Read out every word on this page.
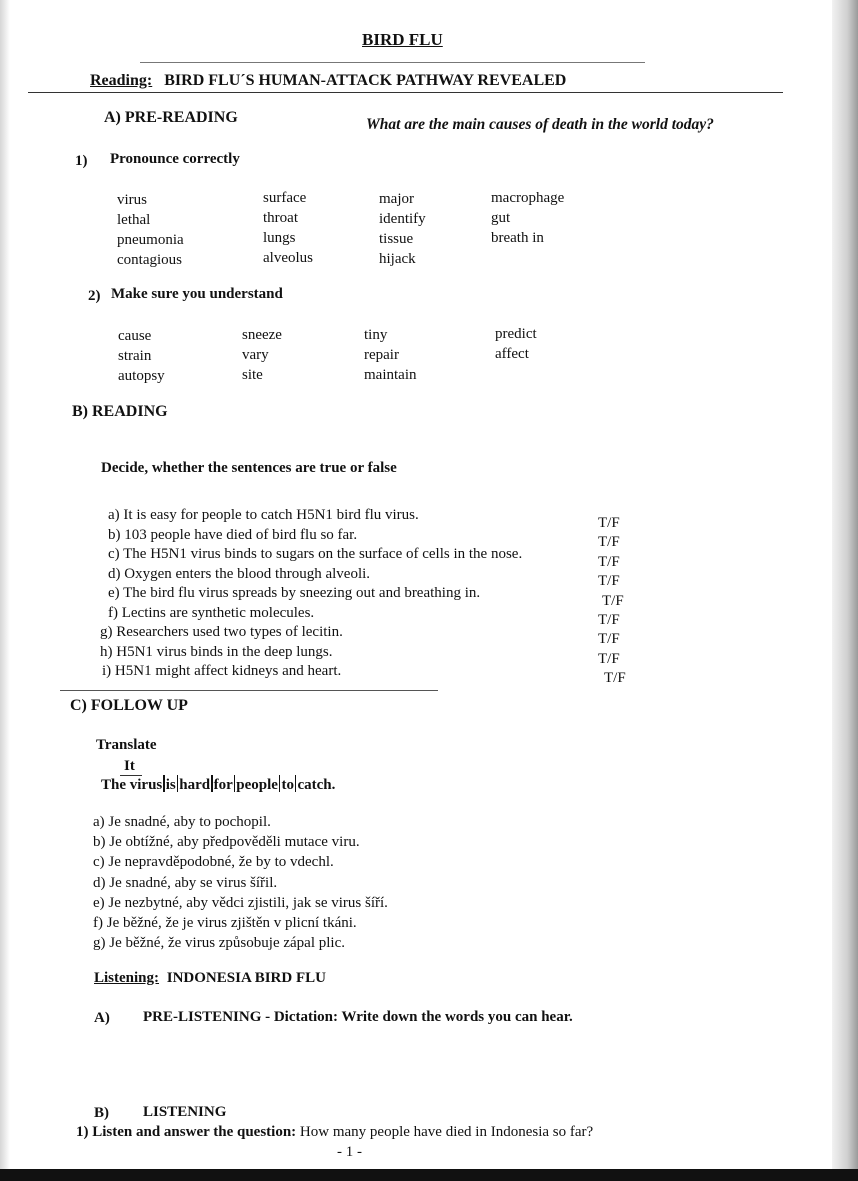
BIRD FLU
Reading: BIRD FLU´S HUMAN-ATTACK PATHWAY REVEALED
A) PRE-READING	What are the main causes of death in the world today?
1) Pronounce correctly
virus
lethal
pneumonia
contagious
surface
throat
lungs
alveolus
major
identify
tissue
hijack
macrophage
gut
breath in
2) Make sure you understand
cause
strain
autopsy
sneeze
vary
site
tiny
repair
maintain
predict
affect
B) READING
Decide, whether the sentences are true or false
a) It is easy for people to catch H5N1 bird flu virus.
b) 103 people have died of bird flu so far.
c) The H5N1 virus binds to sugars on the surface of cells in the nose.
d) Oxygen enters the blood through alveoli.
e) The bird flu virus spreads by sneezing out and breathing in.
f) Lectins are synthetic molecules.
g) Researchers used two types of lecitin.
h) H5N1 virus binds in the deep lungs.
i) H5N1 might affect kidneys and heart.
T/F
T/F
T/F
T/F
T/F
T/F
T/F
T/F
T/F
C) FOLLOW UP
Translate
It
The virus is hard for people to catch.
a) Je snadné, aby to pochopil.
b) Je obtížné, aby předpověděli mutace viru.
c) Je nepravděpodobné, že by to vdechl.
d) Je snadné, aby se virus šířil.
e) Je nezbytné, aby vědci zjistili, jak se virus šíří.
f) Je běžné, že je virus zjištěn v plicní tkáni.
g) Je běžné, že virus způsobuje zápal plic.
Listening: INDONESIA BIRD FLU
A) PRE-LISTENING - Dictation: Write down the words you can hear.
B) LISTENING
1) Listen and answer the question: How many people have died in Indonesia so far?
- 1 -
